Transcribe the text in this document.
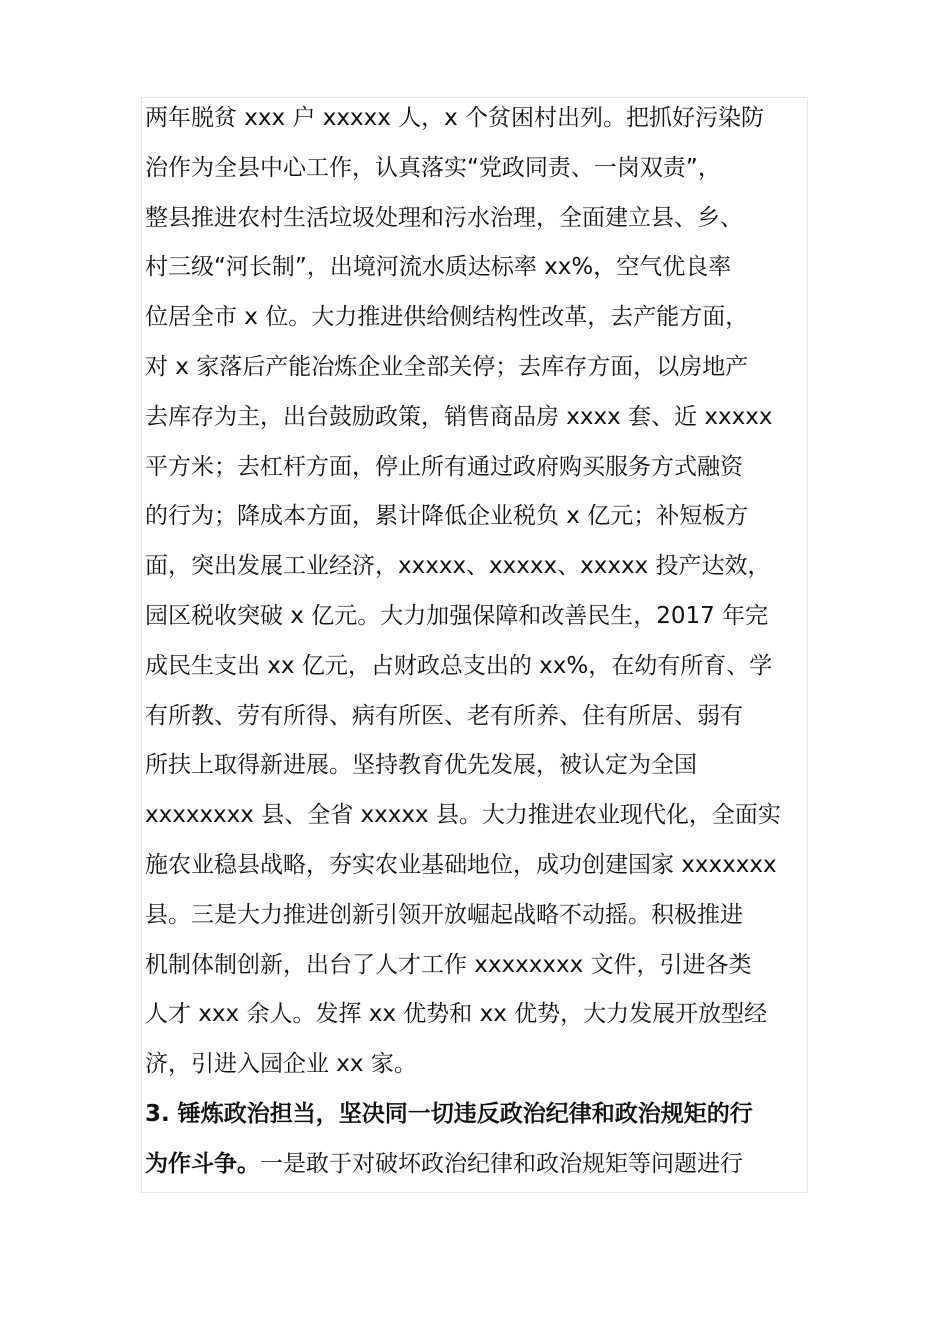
两年脱贫 xxx 户 xxxxx 人，x 个贫困村出列。把抓好污染防
治作为全县中心工作，认真落实“党政同责、一岗双责”，
整县推进农村生活垃圾处理和污水治理，全面建立县、乡、
村三级“河长制”，出境河流水质达标率 xx%，空气优良率
位居全市 x 位。大力推进供给侧结构性改革，去产能方面，
对 x 家落后产能冶炼企业全部关停；去库存方面，以房地产
去库存为主，出台鼓励政策，销售商品房 xxxx 套、近 xxxxx
平方米；去杠杆方面，停止所有通过政府购买服务方式融资
的行为；降成本方面，累计降低企业税负 x 亿元；补短板方
面，突出发展工业经济，xxxxx、xxxxx、xxxxx 投产达效，
园区税收突破 x 亿元。大力加强保障和改善民生，2017 年完
成民生支出 xx 亿元，占财政总支出的 xx%，在幼有所育、学
有所教、劳有所得、病有所医、老有所养、住有所居、弱有
所扶上取得新进展。坚持教育优先发展，被认定为全国
xxxxxxxx 县、全省 xxxxx 县。大力推进农业现代化，全面实
施农业稳县战略，夯实农业基础地位，成功创建国家 xxxxxxx
县。三是大力推进创新引领开放崛起战略不动摇。积极推进
机制体制创新，出台了人才工作 xxxxxxxx 文件，引进各类
人才 xxx 余人。发挥 xx 优势和 xx 优势，大力发展开放型经
济，引进入园企业 xx 家。
3. 锤炼政治担当，坚决同一切违反政治纪律和政治规矩的行
为作斗争。一是敢于对破坏政治纪律和政治规矩等问题进行
